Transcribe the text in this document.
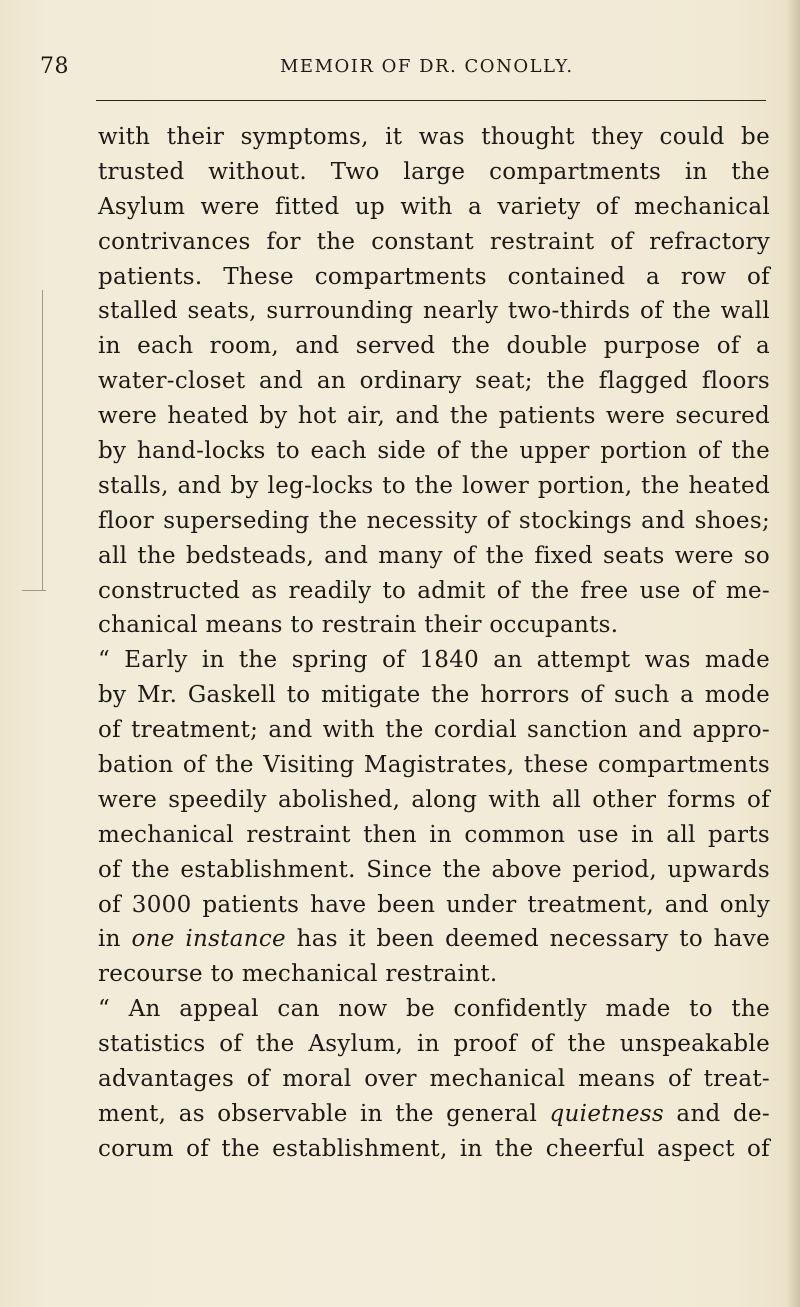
78	MEMOIR OF DR. CONOLLY.
with their symptoms, it was thought they could be
trusted without. Two large compartments in the
Asylum were fitted up with a variety of mechanical
contrivances for the constant restraint of refractory
patients. These compartments contained a row of
stalled seats, surrounding nearly two-thirds of the wall
in each room, and served the double purpose of a
water-closet and an ordinary seat; the flagged floors
were heated by hot air, and the patients were secured
by hand-locks to each side of the upper portion of the
stalls, and by leg-locks to the lower portion, the heated
floor superseding the necessity of stockings and shoes;
all the bedsteads, and many of the fixed seats were so
constructed as readily to admit of the free use of me-
chanical means to restrain their occupants.
“ Early in the spring of 1840 an attempt was made
by Mr. Gaskell to mitigate the horrors of such a mode
of treatment; and with the cordial sanction and appro-
bation of the Visiting Magistrates, these compartments
were speedily abolished, along with all other forms of
mechanical restraint then in common use in all parts
of the establishment. Since the above period, upwards
of 3000 patients have been under treatment, and only
in one instance has it been deemed necessary to have
recourse to mechanical restraint.
“ An appeal can now be confidently made to the
statistics of the Asylum, in proof of the unspeakable
advantages of moral over mechanical means of treat-
ment, as observable in the general quietness and de-
corum of the establishment, in the cheerful aspect of
